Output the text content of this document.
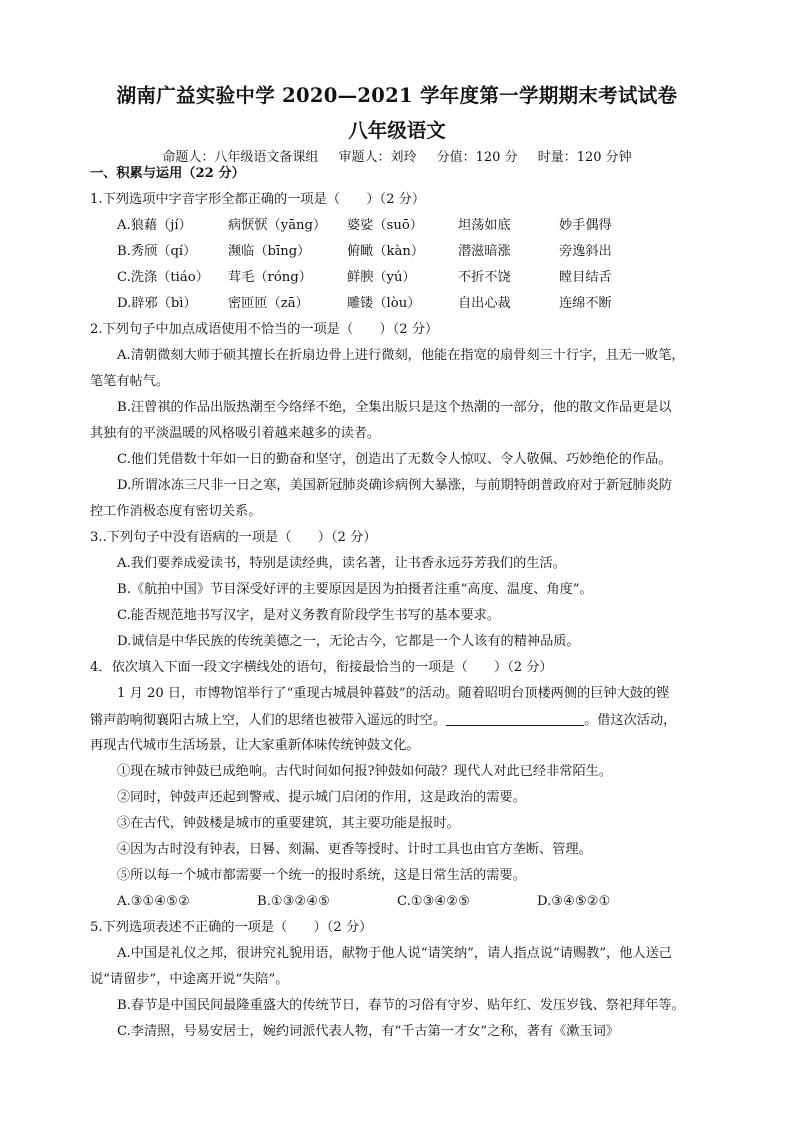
湖南广益实验中学 2020—2021 学年度第一学期期末考试试卷
八年级语文
命题人：八年级语文备课组 审题人：刘玲 分值：120 分 时量：120 分钟
一、积累与运用（22 分）
1.下列选项中字音字形全都正确的一项是（　　）（2 分）
A.狼藉（jí）	病恹恹（yāng） 婆娑（suō）	坦荡如底	妙手偶得
B.秀颀（qí） 濒临（bīng）	俯瞰（kàn）	潜滋暗涨	旁逸斜出
C.洗涤（tiáo） 茸毛（róng）	鲜腴（yú）	不折不饶	瞠目结舌
D.辟邪（bì） 密匝匝（zā）	雕镂（lòu）	自出心裁	连绵不断
2.下列句子中加点成语使用不恰当的一项是（　　）（2 分）
A.清朝微刻大师于硕其擅长在折扇边骨上进行微刻，他能在指宽的扇骨刻三十行字，且无一败笔，
笔笔有帖气。
B.汪曾祺的作品出版热潮至今络绎不绝，全集出版只是这个热潮的一部分，他的散文作品更是以
其独有的平淡温暖的风格吸引着越来越多的读者。
C.他们凭借数十年如一日的勤奋和坚守，创造出了无数令人惊叹、令人敬佩、巧妙绝伦的作品。
D.所谓冰冻三尺非一日之寒，美国新冠肺炎确诊病例大暴涨，与前期特朗普政府对于新冠肺炎防
控工作消极态度有密切关系。
3..下列句子中没有语病的一项是（　　）（2 分）
A.我们要养成爱读书，特别是读经典，读名著，让书香永远芬芳我们的生活。
B.《航拍中国》节目深受好评的主要原因是因为拍摄者注重“高度、温度、角度”。
C.能否规范地书写汉字，是对义务教育阶段学生书写的基本要求。
D.诚信是中华民族的传统美德之一，无论古今，它都是一个人该有的精神品质。
4．依次填入下面一段文字横线处的语句，衔接最恰当的一项是（　　）（2 分）
1 月 20 日，市博物馆举行了“重现古城晨钟暮鼓”的活动。随着昭明台顶楼两侧的巨钟大鼓的铿
锵声韵响彻襄阳古城上空，人们的思绪也被带入遥远的时空。	。借这次活动，
再现古代城市生活场景，让大家重新体味传统钟鼓文化。
①现在城市钟鼓已成绝响。古代时间如何报?钟鼓如何敲？现代人对此已经非常陌生。
②同时，钟鼓声还起到警戒、提示城门启闭的作用，这是政治的需要。
③在古代，钟鼓楼是城市的重要建筑，其主要功能是报时。
④因为古时没有钟表，日晷、刻漏、更香等授时、计时工具也由官方垄断、管理。
⑤所以每一个城市都需要一个统一的报时系统，这是日常生活的需要。
A.③①④⑤②	B.①③②④⑤	C.①③④②⑤	D.③④⑤②①
5.下列选项表述不正确的一项是（　　）（2 分）
A.中国是礼仪之邦，很讲究礼貌用语，献物于他人说“请笑纳”，请人指点说“请赐教”，他人送己
说“请留步”，中途离开说“失陪”。
B.春节是中国民间最隆重盛大的传统节日，春节的习俗有守岁、贴年红、发压岁钱、祭祀拜年等。
C.李清照，号易安居士，婉约词派代表人物，有“千古第一才女”之称，著有《漱玉词》
